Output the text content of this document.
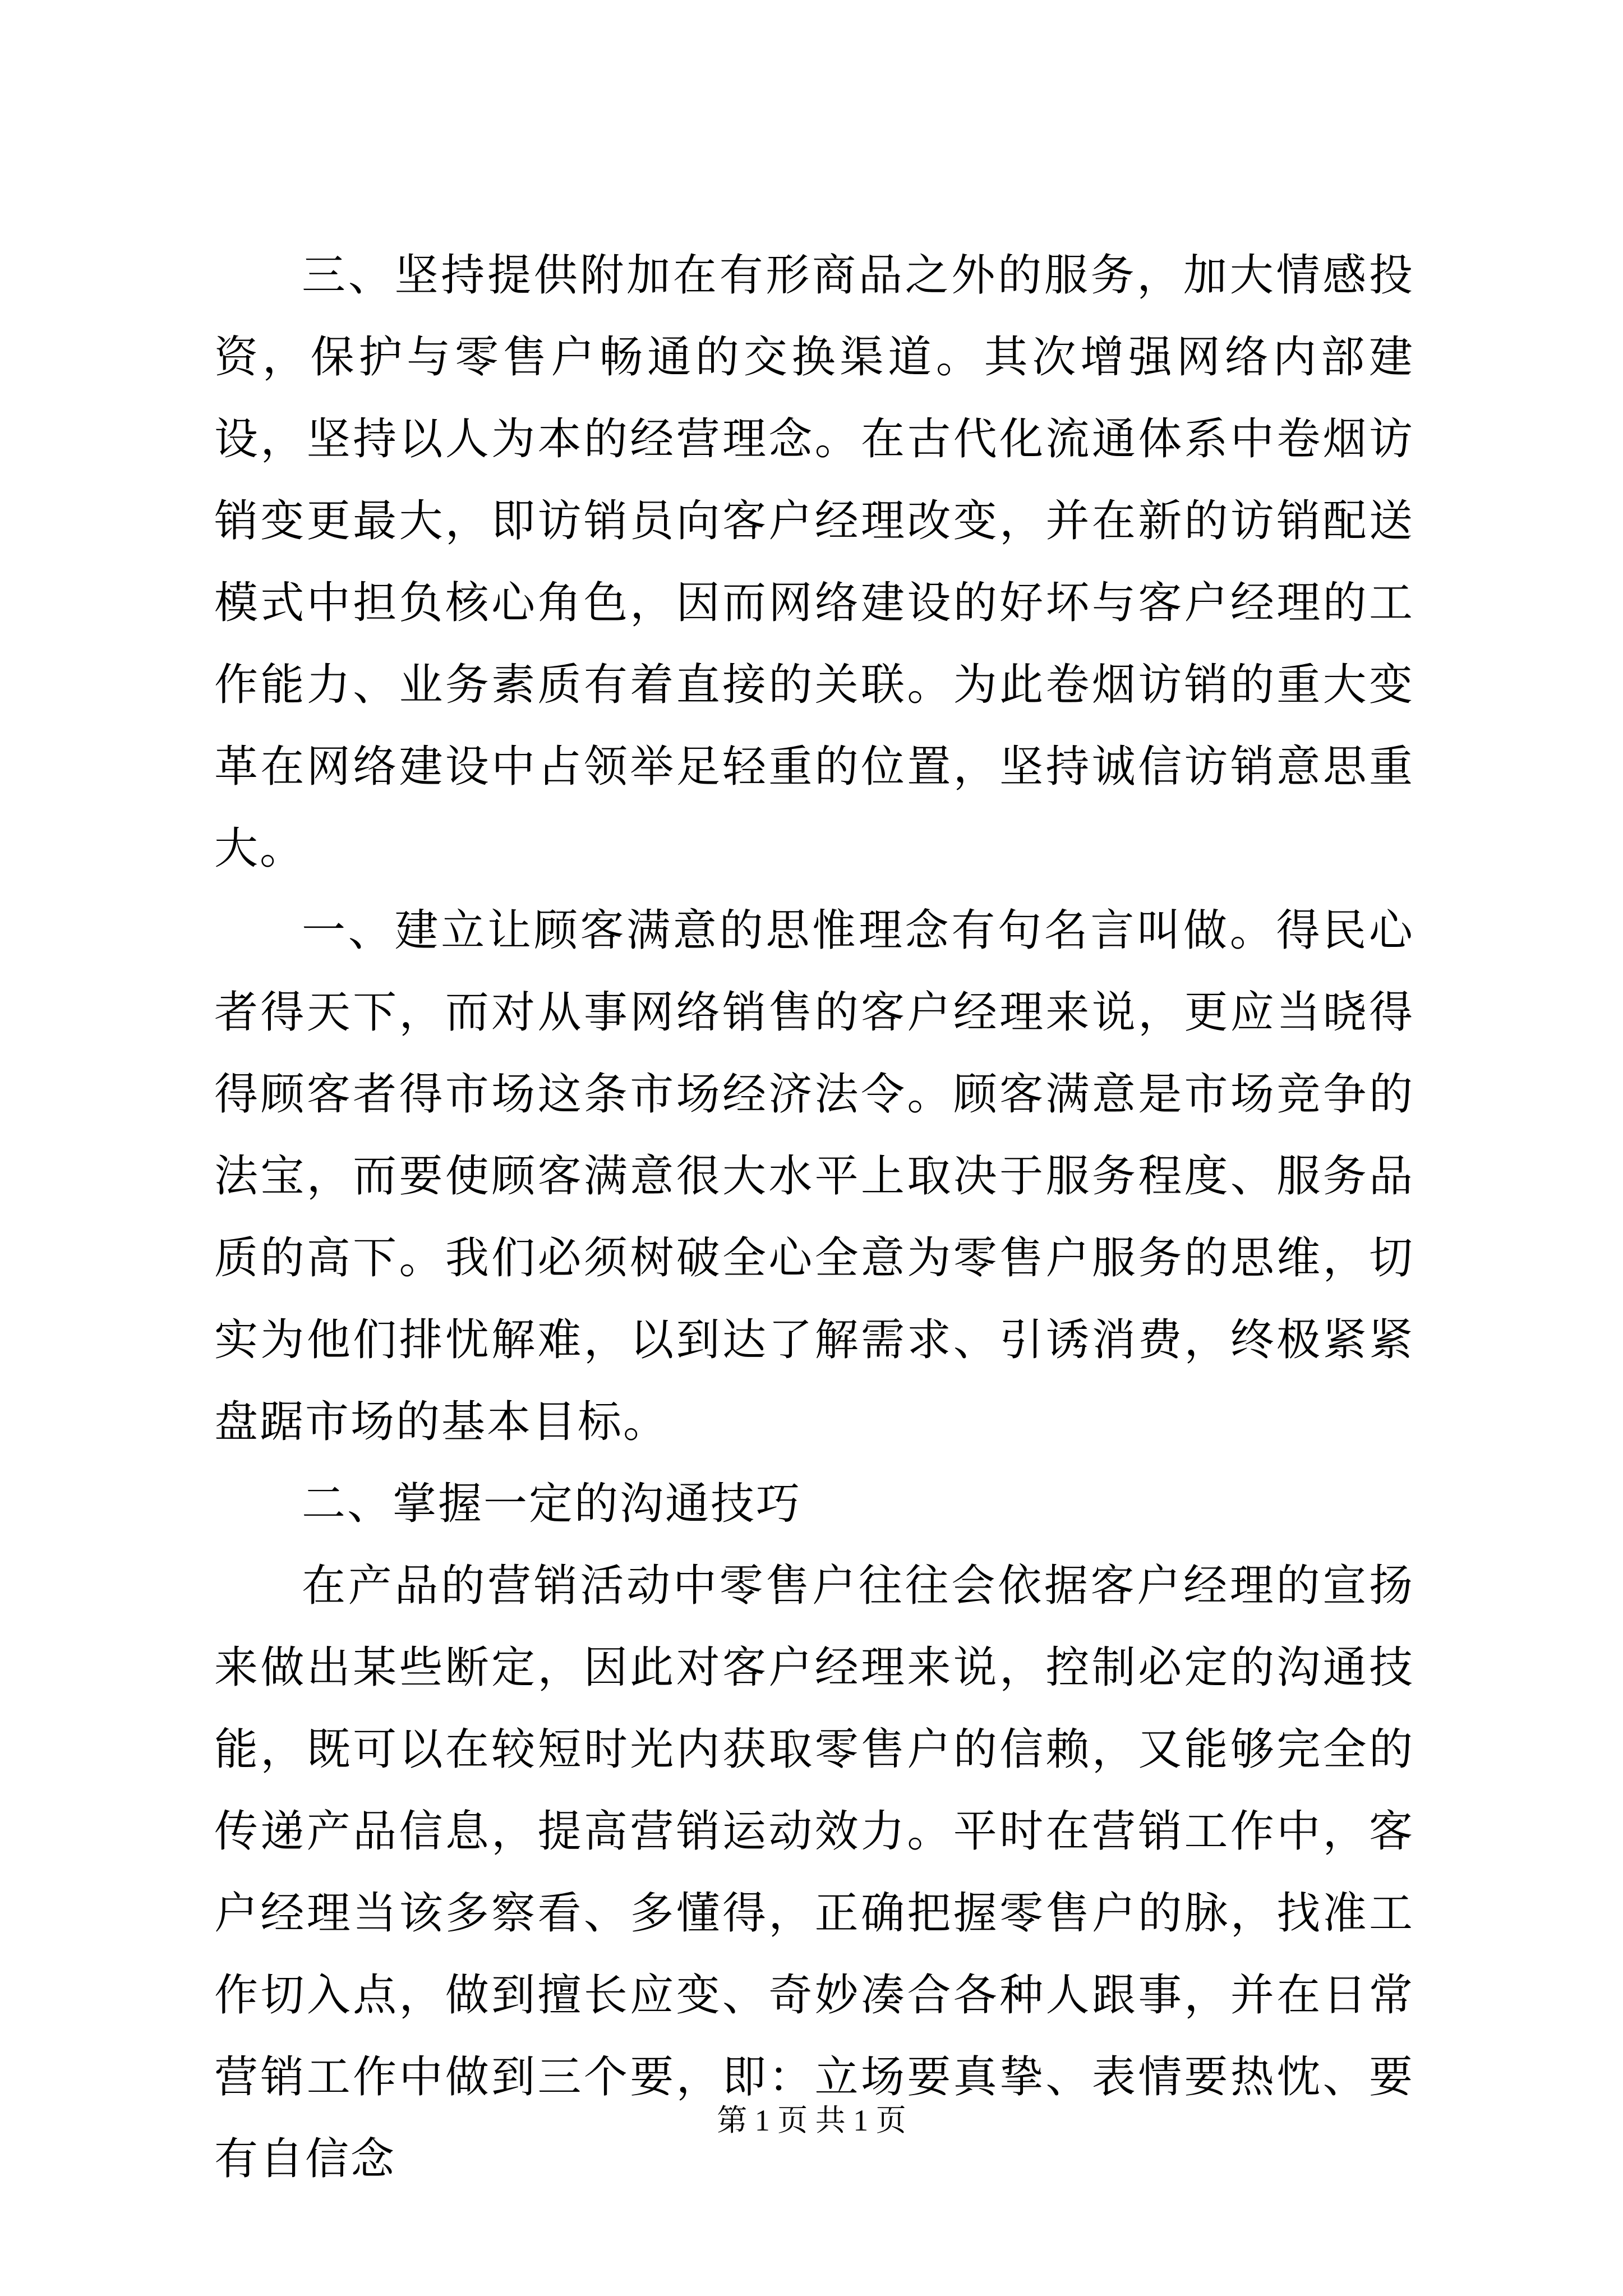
三、坚持提供附加在有形商品之外的服务，加大情感投资，保护与零售户畅通的交换渠道。其次增强网络内部建设，坚持以人为本的经营理念。在古代化流通体系中卷烟访销变更最大，即访销员向客户经理改变，并在新的访销配送模式中担负核心角色，因而网络建设的好坏与客户经理的工作能力、业务素质有着直接的关联。为此卷烟访销的重大变革在网络建设中占领举足轻重的位置，坚持诚信访销意思重大。

一、建立让顾客满意的思惟理念有句名言叫做。得民心者得天下，而对从事网络销售的客户经理来说，更应当晓得得顾客者得市场这条市场经济法令。顾客满意是市场竞争的法宝，而要使顾客满意很大水平上取决于服务程度、服务品质的高下。我们必须树破全心全意为零售户服务的思维，切实为他们排忧解难，以到达了解需求、引诱消费，终极紧紧盘踞市场的基本目标。

二、掌握一定的沟通技巧

在产品的营销活动中零售户往往会依据客户经理的宣扬来做出某些断定，因此对客户经理来说，控制必定的沟通技能，既可以在较短时光内获取零售户的信赖，又能够完全的传递产品信息，提高营销运动效力。平时在营销工作中，客户经理当该多察看、多懂得，正确把握零售户的脉，找准工作切入点，做到擅长应变、奇妙凑合各种人跟事，并在日常营销工作中做到三个要，即：立场要真挚、表情要热忱、要有自信念

第 1 页 共 1 页
